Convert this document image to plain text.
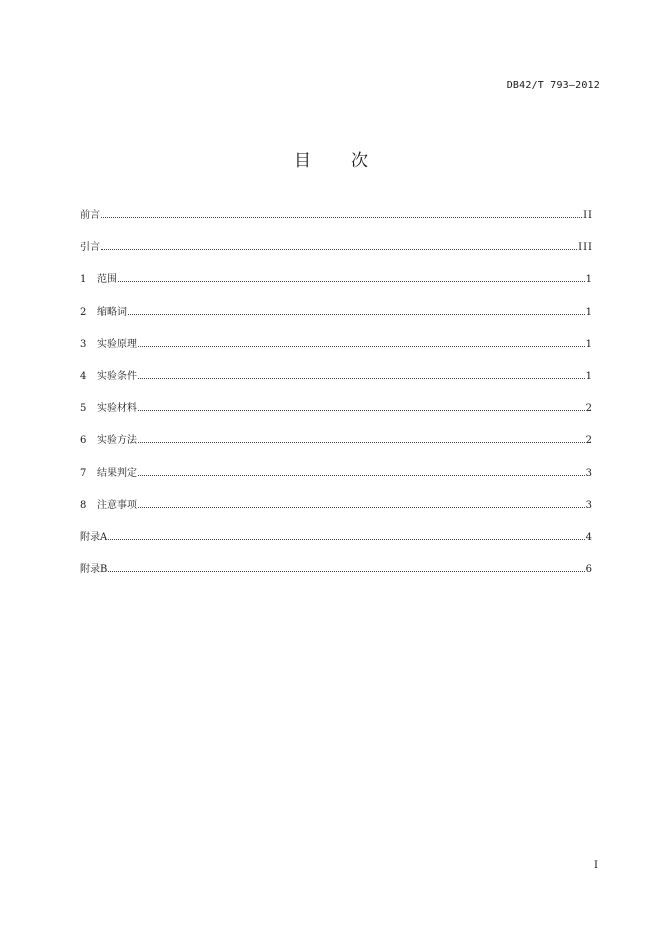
DB42/T 793—2012
目 次
前言	II
引言	III
1	范围	1
2	缩略词	1
3	实验原理	1
4	实验条件	1
5	实验材料	2
6	实验方法	2
7	结果判定	3
8	注意事项	3
附录A	4
附录B	6
I
